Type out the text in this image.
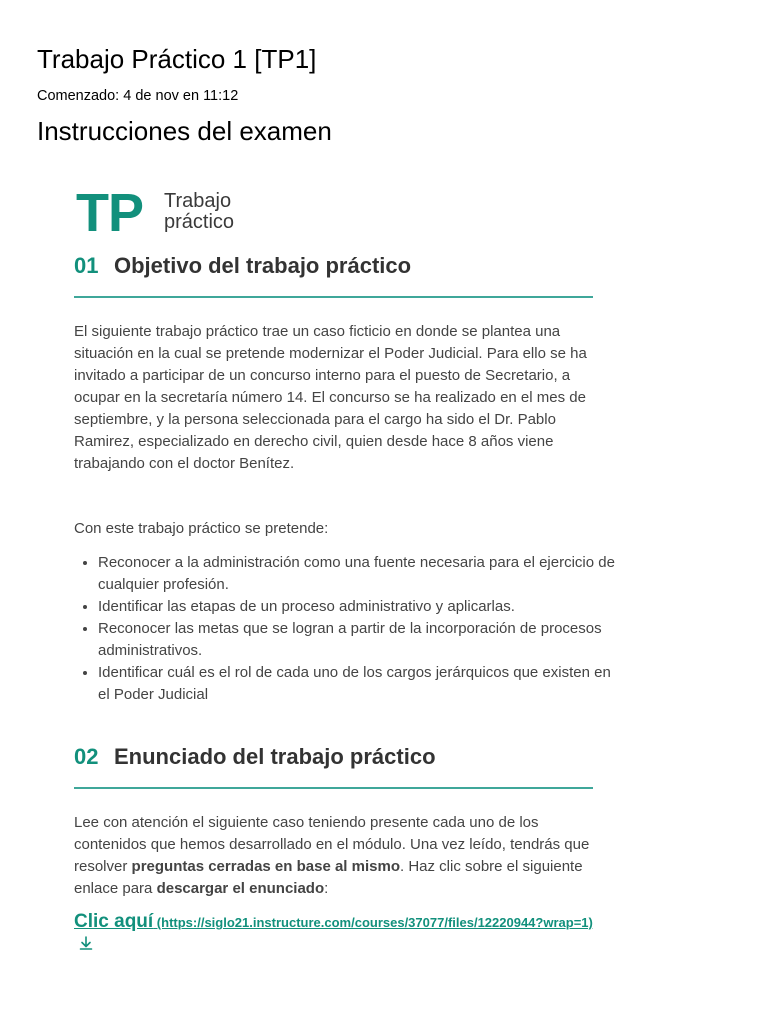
Trabajo Práctico 1 [TP1]
Comenzado: 4 de nov en 11:12
Instrucciones del examen
TP Trabajo
práctico
01 Objetivo del trabajo práctico

El siguiente trabajo práctico trae un caso ficticio en donde se plantea una situación en la cual se pretende modernizar el Poder Judicial. Para ello se ha invitado a participar de un concurso interno para el puesto de Secretario, a ocupar en la secretaría número 14. El concurso se ha realizado en el mes de septiembre, y la persona seleccionada para el cargo ha sido el Dr. Pablo Ramirez, especializado en derecho civil, quien desde hace 8 años viene trabajando con el doctor Benítez.

Con este trabajo práctico se pretende:

• Reconocer a la administración como una fuente necesaria para el ejercicio de cualquier profesión.
• Identificar las etapas de un proceso administrativo y aplicarlas.
• Reconocer las metas que se logran a partir de la incorporación de procesos administrativos.
• Identificar cuál es el rol de cada uno de los cargos jerárquicos que existen en el Poder Judicial
02 Enunciado del trabajo práctico

Lee con atención el siguiente caso teniendo presente cada uno de los contenidos que hemos desarrollado en el módulo. Una vez leído, tendrás que resolver preguntas cerradas en base al mismo. Haz clic sobre el siguiente enlace para descargar el enunciado:

Clic aquí (https://siglo21.instructure.com/courses/37077/files/12220944?wrap=1)
